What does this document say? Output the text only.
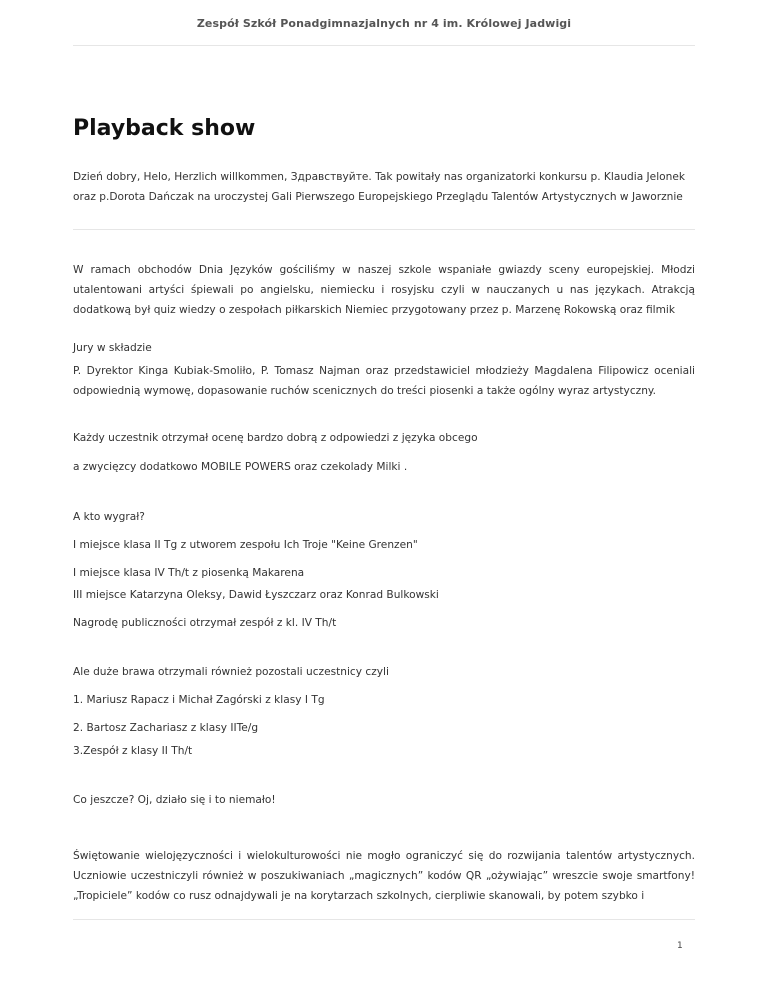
Zespół Szkół Ponadgimnazjalnych nr 4 im. Królowej Jadwigi
Playback show

Dzień dobry, Helo, Herzlich willkommen, Здравствуйте. Tak powitały nas organizatorki konkursu p. Klaudia Jelonek oraz p.Dorota Dańczak na uroczystej Gali Pierwszego Europejskiego Przeglądu Talentów Artystycznych w Jaworznie

W ramach obchodów Dnia Języków gościliśmy w naszej szkole wspaniałe gwiazdy sceny europejskiej. Młodzi utalentowani artyści śpiewali po angielsku, niemiecku i rosyjsku czyli w nauczanych u nas językach. Atrakcją dodatkową był quiz wiedzy o zespołach piłkarskich Niemiec przygotowany przez p. Marzenę Rokowską oraz filmik

Jury w składzie

P. Dyrektor Kinga Kubiak-Smoliło, P. Tomasz Najman oraz przedstawiciel młodzieży Magdalena Filipowicz oceniali odpowiednią wymowę, dopasowanie ruchów scenicznych do treści piosenki a także ogólny wyraz artystyczny.

Każdy uczestnik otrzymał ocenę bardzo dobrą z odpowiedzi z języka obcego

a zwycięzcy dodatkowo MOBILE POWERS oraz czekolady Milki .

A kto wygrał?

I miejsce klasa II Tg z utworem zespołu Ich Troje "Keine Grenzen"

I miejsce klasa IV Th/t z piosenką Makarena

III miejsce Katarzyna Oleksy, Dawid Łyszczarz oraz Konrad Bulkowski

Nagrodę publiczności otrzymał zespół z kl. IV Th/t

Ale duże brawa otrzymali również pozostali uczestnicy czyli

1. Mariusz Rapacz i Michał Zagórski z klasy I Tg

2. Bartosz Zachariasz z klasy IITe/g

3.Zespół z klasy II Th/t

Co jeszcze? Oj, działo się i to niemało!

Świętowanie wielojęzyczności i wielokulturowości nie mogło ograniczyć się do rozwijania talentów artystycznych. Uczniowie uczestniczyli również w poszukiwaniach „magicznych” kodów QR „ożywiając” wreszcie swoje smartfony! „Tropiciele” kodów co rusz odnajdywali je na korytarzach szkolnych, cierpliwie skanowali, by potem szybko i

1
